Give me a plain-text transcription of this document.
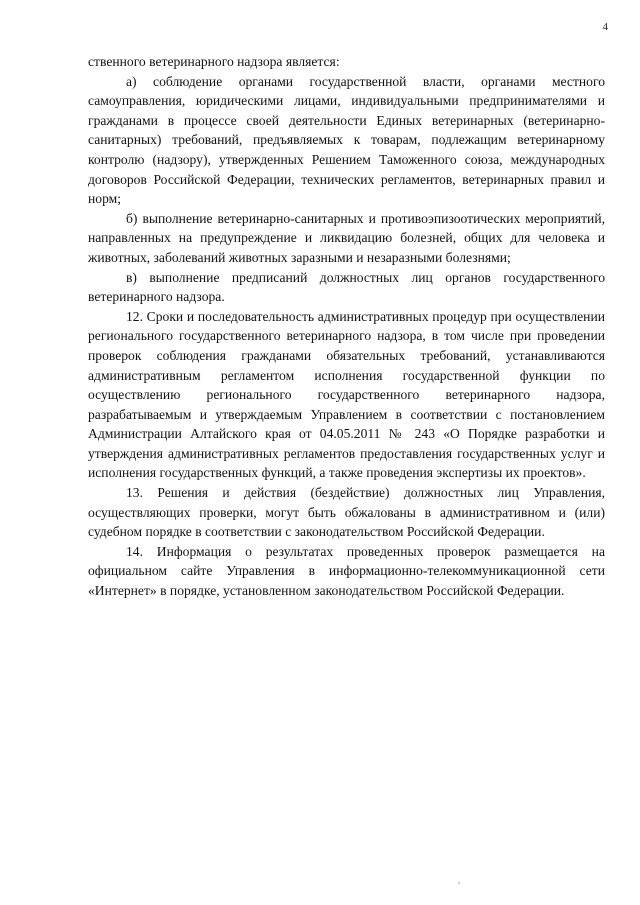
4

ственного ветеринарного надзора является:

а) соблюдение органами государственной власти, органами местного самоуправления, юридическими лицами, индивидуальными предпринимателями и гражданами в процессе своей деятельности Единых ветеринарных (ветеринарно-санитарных) требований, предъявляемых к товарам, подлежащим ветеринарному контролю (надзору), утвержденных Решением Таможенного союза, международных договоров Российской Федерации, технических регламентов, ветеринарных правил и норм;

б) выполнение ветеринарно-санитарных и противоэпизоотических мероприятий, направленных на предупреждение и ликвидацию болезней, общих для человека и животных, заболеваний животных заразными и незаразными болезнями;

в) выполнение предписаний должностных лиц органов государственного ветеринарного надзора.

12. Сроки и последовательность административных процедур при осуществлении регионального государственного ветеринарного надзора, в том числе при проведении проверок соблюдения гражданами обязательных требований, устанавливаются административным регламентом исполнения государственной функции по осуществлению регионального государственного ветеринарного надзора, разрабатываемым и утверждаемым Управлением в соответствии с постановлением Администрации Алтайского края от 04.05.2011 № 243 «О Порядке разработки и утверждения административных регламентов предоставления государственных услуг и исполнения государственных функций, а также проведения экспертизы их проектов».

13. Решения и действия (бездействие) должностных лиц Управления, осуществляющих проверки, могут быть обжалованы в административном и (или) судебном порядке в соответствии с законодательством Российской Федерации.

14. Информация о результатах проведенных проверок размещается на официальном сайте Управления в информационно-телекоммуникационной сети «Интернет» в порядке, установленном законодательством Российской Федерации.
